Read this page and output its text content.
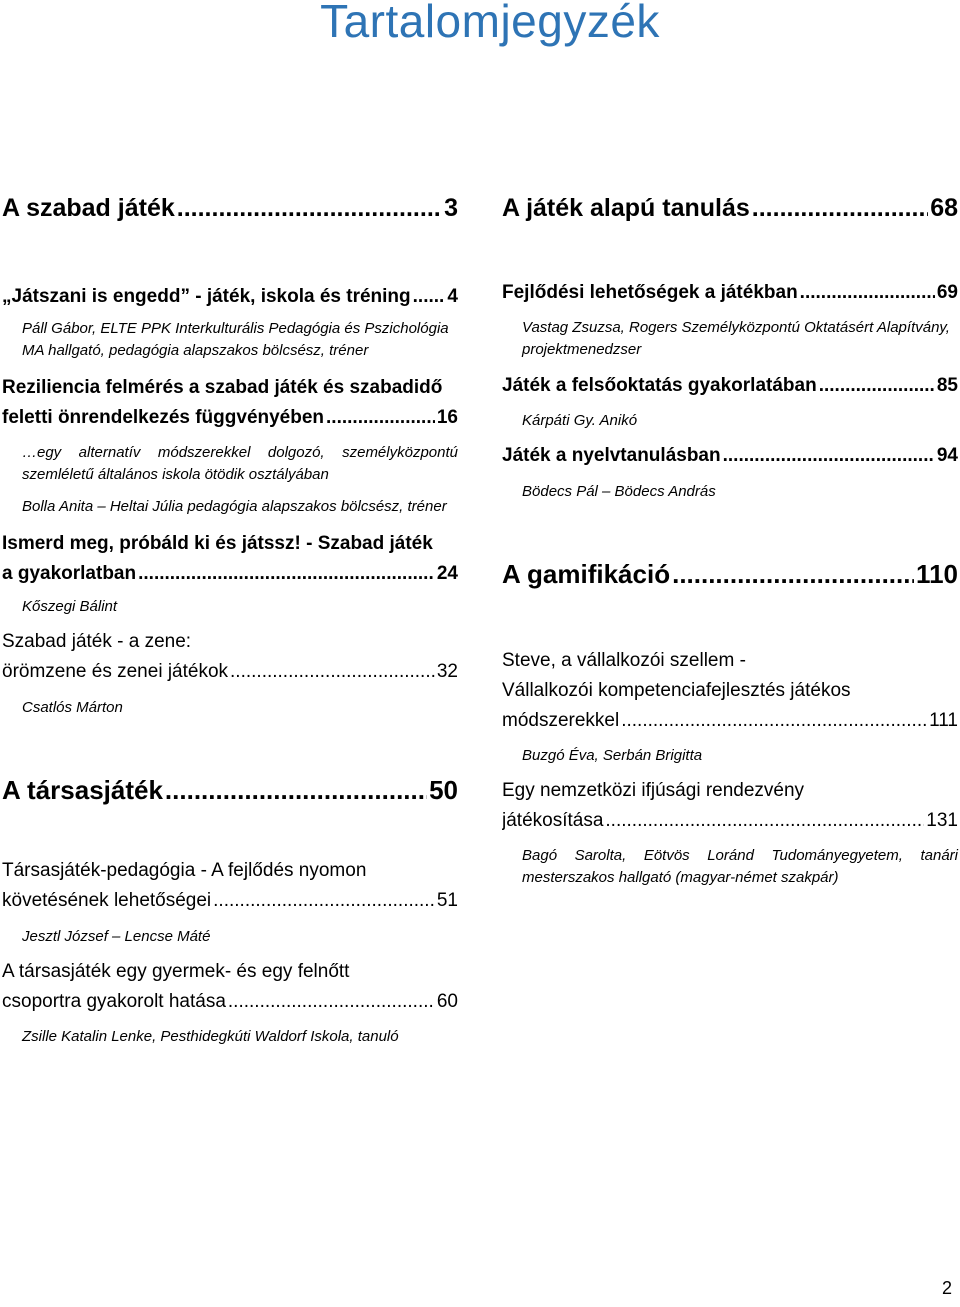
Tartalomjegyzék
A szabad játék .....	3
„Játszani is engedd” - játék, iskola és tréning ..... 4
Páll Gábor, ELTE PPK Interkulturális Pedagógia és Pszichológia
MA hallgató, pedagógia alapszakos bölcsész, tréner
Reziliencia felmérés a szabad játék és szabadidő
feletti önrendelkezés függvényében .....	16
…egy alternatív módszerekkel dolgozó, személyközpontú
szemléletű általános iskola ötödik osztályában
Bolla Anita – Heltai Júlia pedagógia alapszakos bölcsész, tréner
Ismerd meg, próbáld ki és játssz! - Szabad játék
a gyakorlatban .....	24
Kőszegi Bálint
Szabad játék - a zene:
örömzene és zenei játékok .....	32
Csatlós Márton
A társasjáték .....	50
Társasjáték-pedagógia - A fejlődés nyomon
követésének lehetőségei .....	51
Jesztl József – Lencse Máté
A társasjáték egy gyermek- és egy felnőtt
csoportra gyakorolt hatása .....	60
Zsille Katalin Lenke, Pesthidegkúti Waldorf Iskola, tanuló
A játék alapú tanulás .....	68
Fejlődési lehetőségek a játékban .....	69
Vastag Zsuzsa, Rogers Személyközpontú Oktatásért Alapítvány,
projektmenedzser
Játék a felsőoktatás gyakorlatában .....	85
Kárpáti Gy. Anikó
Játék a nyelvtanulásban .....	94
Bödecs Pál – Bödecs András
A gamifikáció .....	110
Steve, a vállalkozói szellem -
Vállalkozói kompetenciafejlesztés játékos
módszerekkel .....	111
Buzgó Éva, Serbán Brigitta
Egy nemzetközi ifjúsági rendezvény
játékosítása .....	131
Bagó Sarolta, Eötvös Loránd Tudományegyetem, tanári
mesterszakos hallgató (magyar-német szakpár)
2
